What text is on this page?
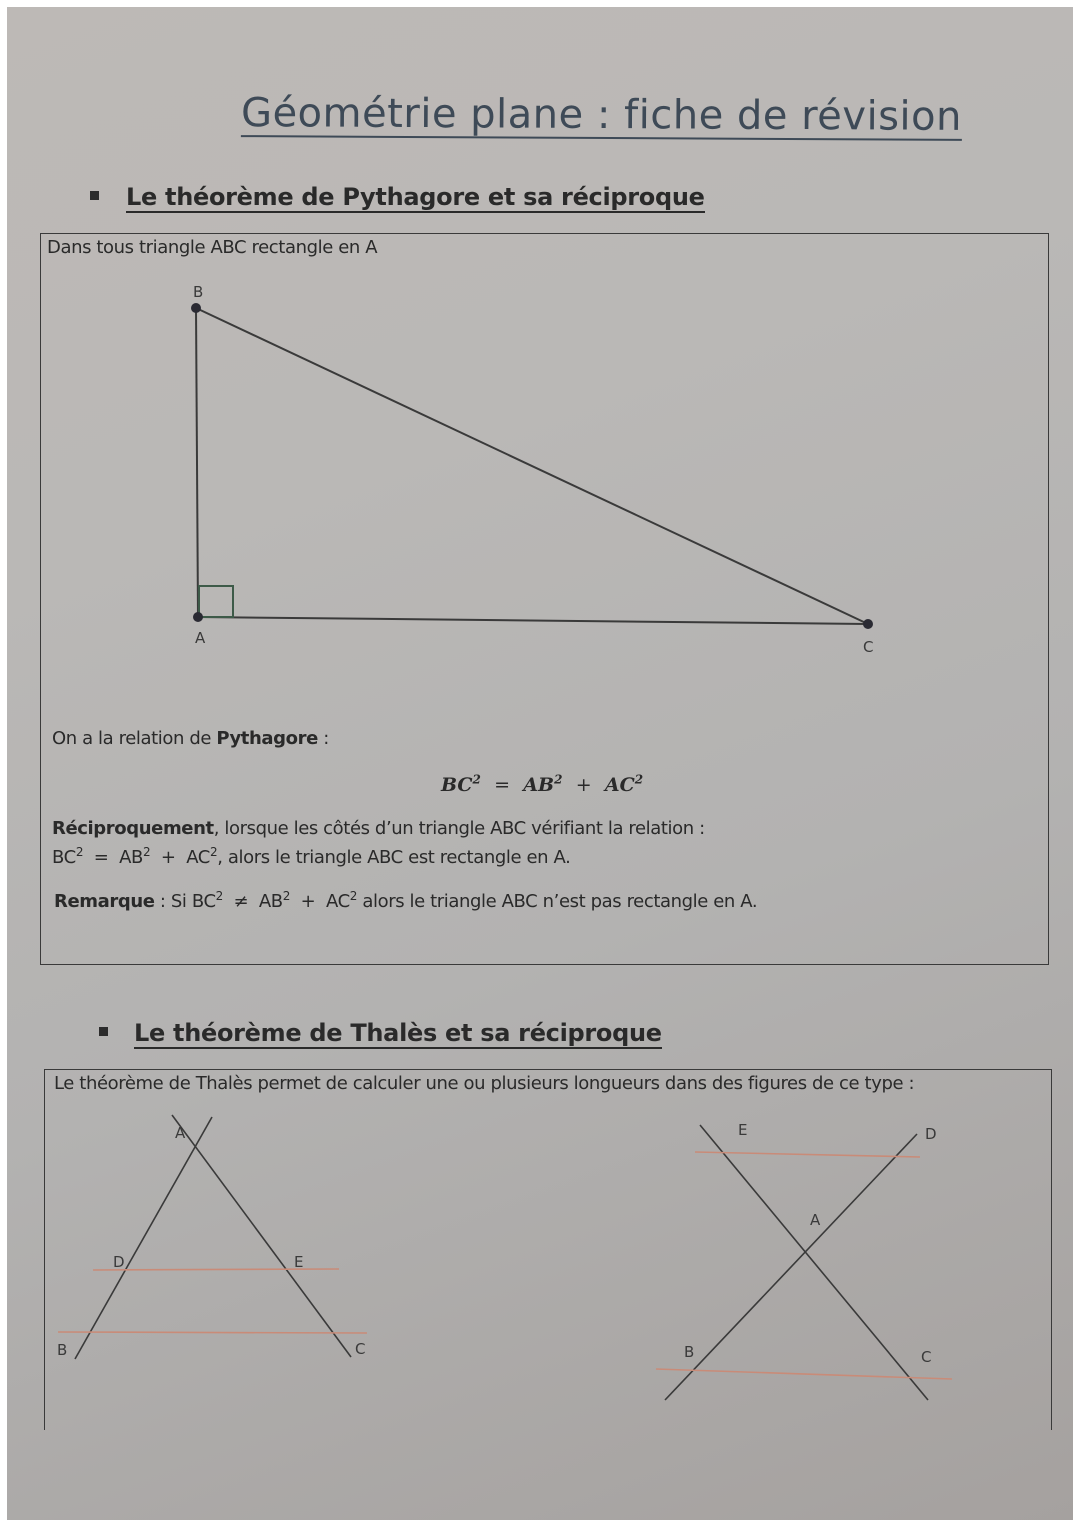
Géométrie plane : fiche de révision
Le théorème de Pythagore et sa réciproque
Dans tous triangle ABC rectangle en A
B
A	C
A
D	E
B	C
E	D
A
B	C
On a la relation de Pythagore :
$BC^2 = AB^2 + AC^2$
Réciproquement, lorsque les côtés d’un triangle ABC vérifiant la relation :
$BC^2 = AB^2 + AC^2$, alors le triangle ABC est rectangle en A.
Remarque : Si $BC^2 \ne AB^2 + AC^2$ alors le triangle ABC n’est pas rectangle en A.
Le théorème de Thalès et sa réciproque
Le théorème de Thalès permet de calculer une ou plusieurs longueurs dans des figures de ce type :
